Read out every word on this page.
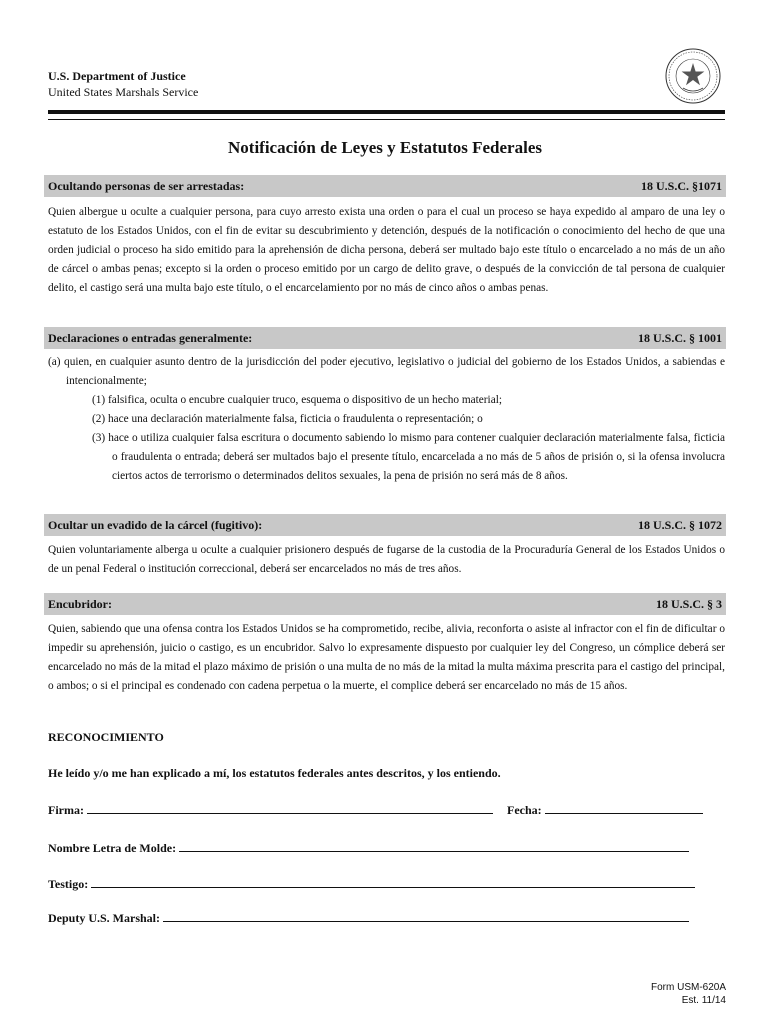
U.S. Department of Justice
United States Marshals Service
Notificación de Leyes y Estatutos Federales
Ocultando personas de ser arrestadas:	18 U.S.C. §1071

Quien albergue u oculte a cualquier persona, para cuyo arresto exista una orden o para el cual un proceso se haya expedido al amparo de una ley o estatuto de los Estados Unidos, con el fin de evitar su descubrimiento y detención, después de la notificación o conocimiento del hecho de que una orden judicial o proceso ha sido emitido para la aprehensión de dicha persona, deberá ser multado bajo este título o encarcelado a no más de un año de cárcel o ambas penas; excepto si la orden o proceso emitido por un cargo de delito grave, o después de la convicción de tal persona de cualquier delito, el castigo será una multa bajo este título, o el encarcelamiento por no más de cinco años o ambas penas.

Declaraciones o entradas generalmente:	18 U.S.C. § 1001
(a) quien, en cualquier asunto dentro de la jurisdicción del poder ejecutivo, legislativo o judicial del gobierno de los Estados Unidos, a sabiendas e intencionalmente;
(1) falsifica, oculta o encubre cualquier truco, esquema o dispositivo de un hecho material;
(2) hace una declaración materialmente falsa, ficticia o fraudulenta o representación; o
(3) hace o utiliza cualquier falsa escritura o documento sabiendo lo mismo para contener cualquier declaración materialmente falsa, ficticia o fraudulenta o entrada; deberá ser multados bajo el presente título, encarcelada a no más de 5 años de prisión o, si la ofensa involucra ciertos actos de terrorismo o determinados delitos sexuales, la pena de prisión no será más de 8 años.
Ocultar un evadido de la cárcel (fugitivo):	18 U.S.C. § 1072

Quien voluntariamente alberga u oculte a cualquier prisionero después de fugarse de la custodia de la Procuraduría General de los Estados Unidos o de un penal Federal o institución correccional, deberá ser encarcelados no más de tres años.

Encubridor:	18 U.S.C. § 3

Quien, sabiendo que una ofensa contra los Estados Unidos se ha comprometido, recibe, alivia, reconforta o asiste al infractor con el fin de dificultar o impedir su aprehensión, juicio o castigo, es un encubridor. Salvo lo expresamente dispuesto por cualquier ley del Congreso, un cómplice deberá ser encarcelado no más de la mitad el plazo máximo de prisión o una multa de no más de la mitad la multa máxima prescrita para el castigo del principal, o ambos; o si el principal es condenado con cadena perpetua o la muerte, el complice deberá ser encarcelado no más de 15 años.

RECONOCIMIENTO
He leído y/o me han explicado a mí, los estatutos federales antes descritos, y los entiendo.
Firma:	Fecha:
Nombre Letra de Molde:
Testigo:
Deputy U.S. Marshal:
Form USM-620A
Est. 11/14
